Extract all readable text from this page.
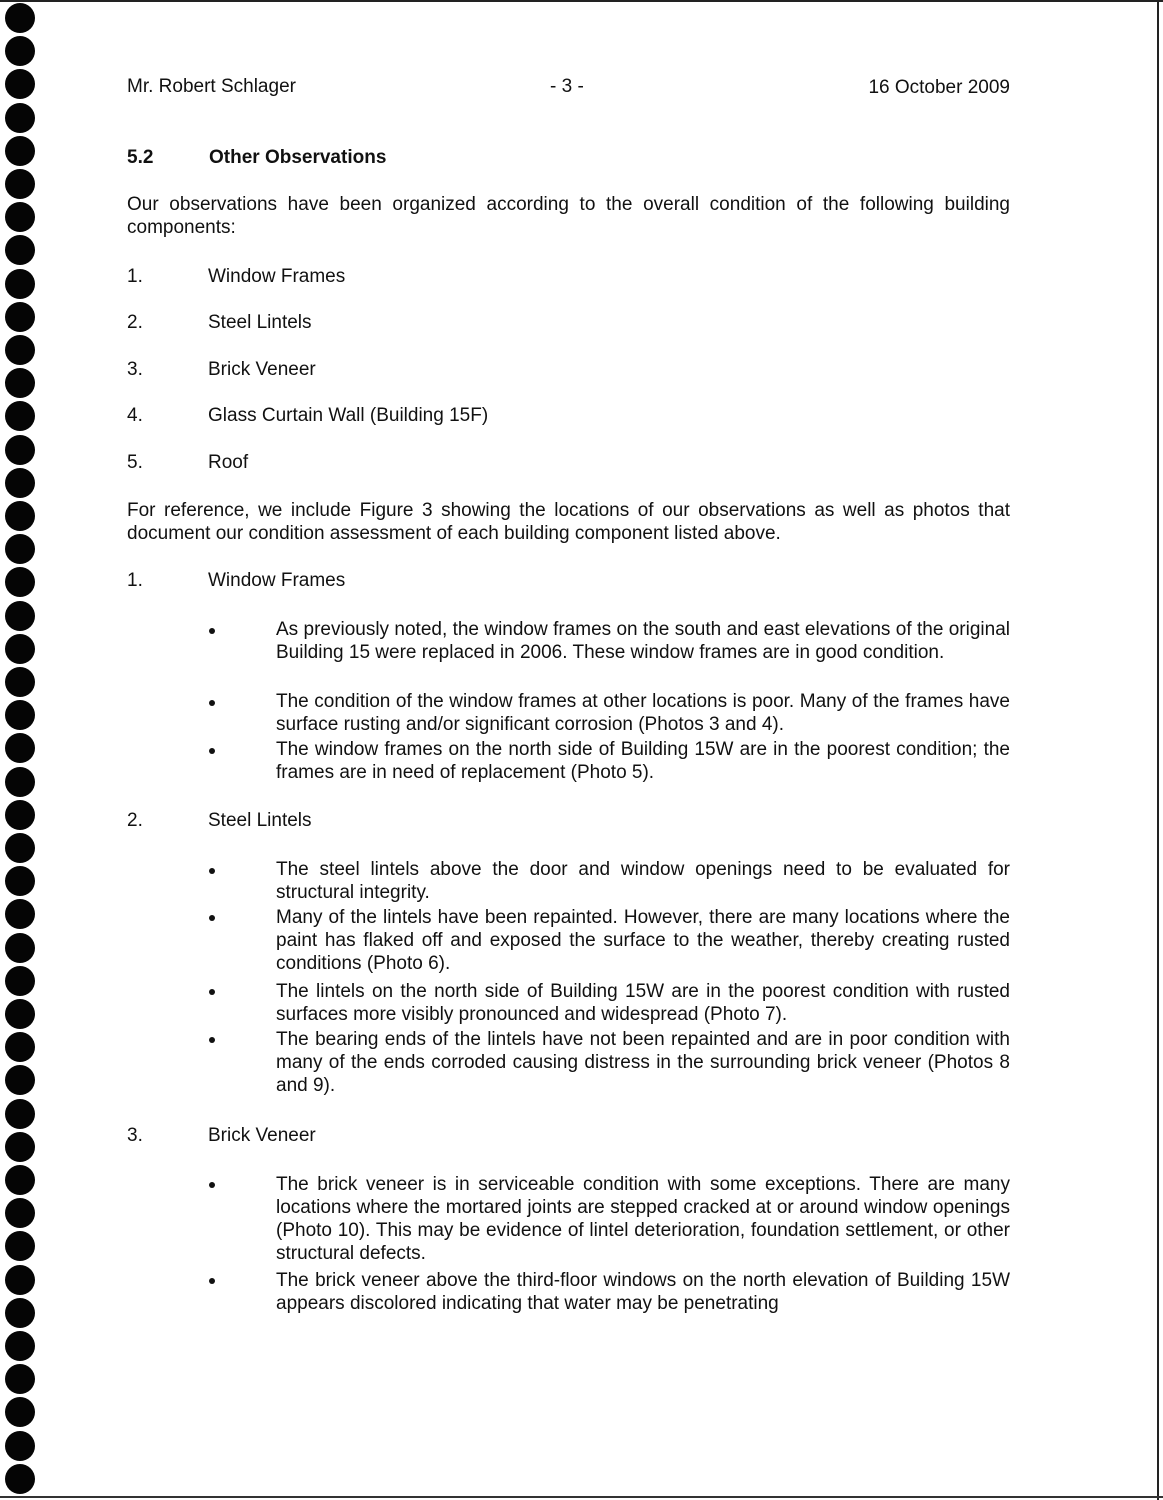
Mr. Robert Schlager	- 3 -	16 October 2009
5.2	Other Observations
Our observations have been organized according to the overall condition of the following building components:
1.	Window Frames
2.	Steel Lintels
3.	Brick Veneer
4.	Glass Curtain Wall (Building 15F)
5.	Roof
For reference, we include Figure 3 showing the locations of our observations as well as photos that document our condition assessment of each building component listed above.
1.	Window Frames
As previously noted, the window frames on the south and east elevations of the original Building 15 were replaced in 2006. These window frames are in good condition.
The condition of the window frames at other locations is poor. Many of the frames have surface rusting and/or significant corrosion (Photos 3 and 4).
The window frames on the north side of Building 15W are in the poorest condition; the frames are in need of replacement (Photo 5).
2.	Steel Lintels
The steel lintels above the door and window openings need to be evaluated for structural integrity.
Many of the lintels have been repainted. However, there are many locations where the paint has flaked off and exposed the surface to the weather, thereby creating rusted conditions (Photo 6).
The lintels on the north side of Building 15W are in the poorest condition with rusted surfaces more visibly pronounced and widespread (Photo 7).
The bearing ends of the lintels have not been repainted and are in poor condition with many of the ends corroded causing distress in the surrounding brick veneer (Photos 8 and 9).
3.	Brick Veneer
The brick veneer is in serviceable condition with some exceptions. There are many locations where the mortared joints are stepped cracked at or around window openings (Photo 10). This may be evidence of lintel deterioration, foundation settlement, or other structural defects.
The brick veneer above the third-floor windows on the north elevation of Building 15W appears discolored indicating that water may be penetrating
